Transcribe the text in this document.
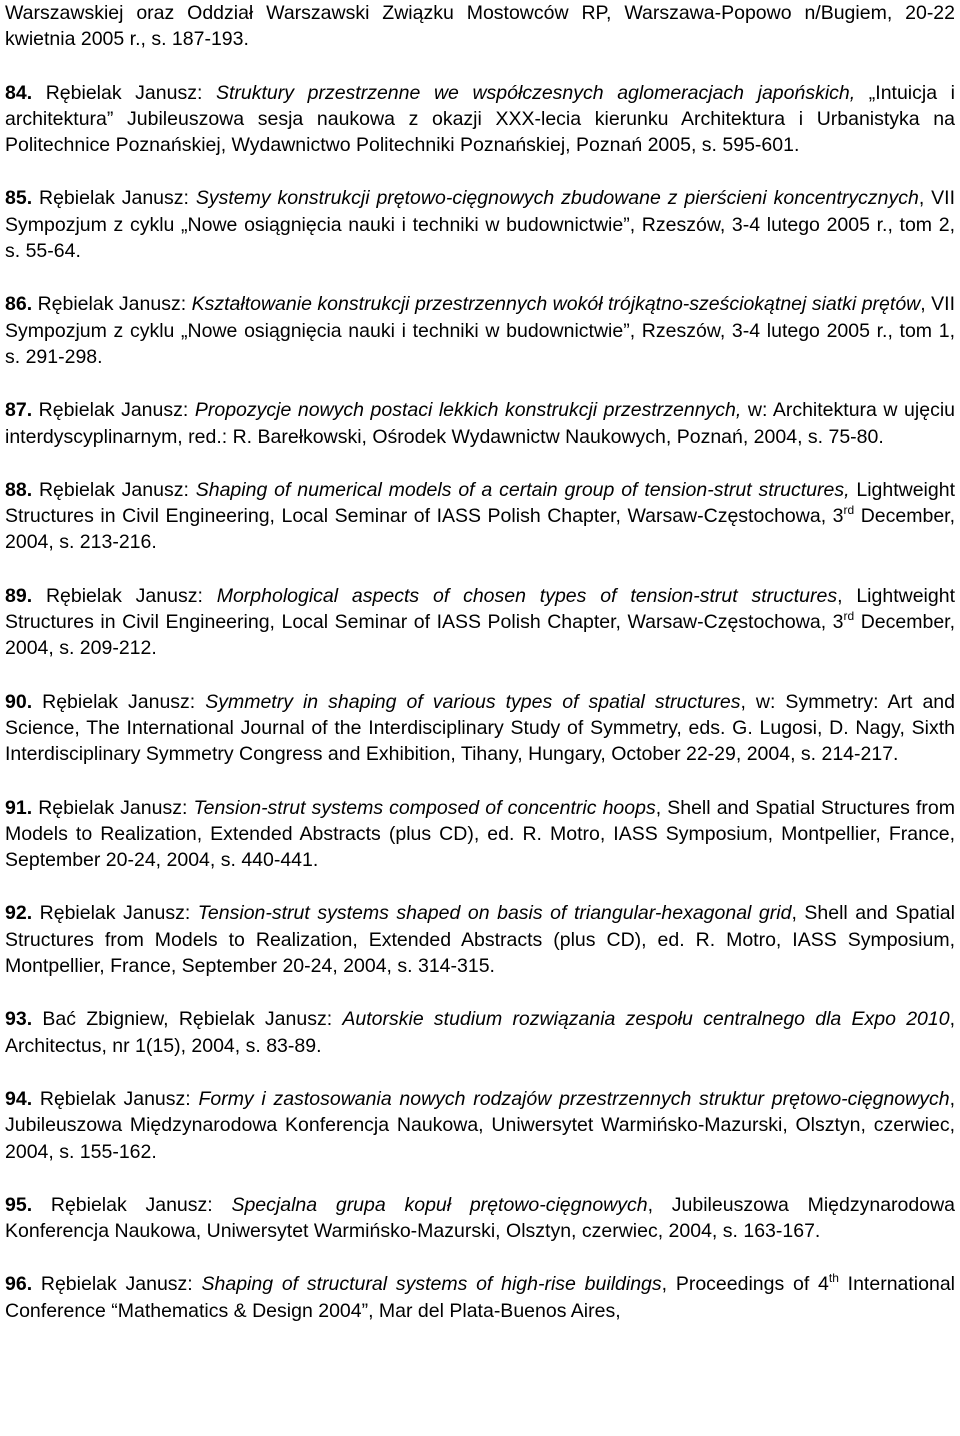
Warszawskiej oraz Oddział Warszawski Związku Mostowców RP, Warszawa-Popowo n/Bugiem, 20-22 kwietnia 2005 r., s. 187-193.

84. Rębielak Janusz: Struktury przestrzenne we współczesnych aglomeracjach japońskich, „Intuicja i architektura” Jubileuszowa sesja naukowa z okazji XXX-lecia kierunku Architektura i Urbanistyka na Politechnice Poznańskiej, Wydawnictwo Politechniki Poznańskiej, Poznań 2005, s. 595-601.

85. Rębielak Janusz: Systemy konstrukcji prętowo-cięgnowych zbudowane z pierścieni koncentrycznych, VII Sympozjum z cyklu „Nowe osiągnięcia nauki i techniki w budownictwie”, Rzeszów, 3-4 lutego 2005 r., tom 2, s. 55-64.

86. Rębielak Janusz: Kształtowanie konstrukcji przestrzennych wokół trójkątno-sześciokątnej siatki prętów, VII Sympozjum z cyklu „Nowe osiągnięcia nauki i techniki w budownictwie”, Rzeszów, 3-4 lutego 2005 r., tom 1, s. 291-298.

87. Rębielak Janusz: Propozycje nowych postaci lekkich konstrukcji przestrzennych, w: Architektura w ujęciu interdyscyplinarnym, red.: R. Barełkowski, Ośrodek Wydawnictw Naukowych, Poznań, 2004, s. 75-80.

88. Rębielak Janusz: Shaping of numerical models of a certain group of tension-strut structures, Lightweight Structures in Civil Engineering, Local Seminar of IASS Polish Chapter, Warsaw-Częstochowa, 3rd December, 2004, s. 213-216.

89. Rębielak Janusz: Morphological aspects of chosen types of tension-strut structures, Lightweight Structures in Civil Engineering, Local Seminar of IASS Polish Chapter, Warsaw-Częstochowa, 3rd December, 2004, s. 209-212.

90. Rębielak Janusz: Symmetry in shaping of various types of spatial structures, w: Symmetry: Art and Science, The International Journal of the Interdisciplinary Study of Symmetry, eds. G. Lugosi, D. Nagy, Sixth Interdisciplinary Symmetry Congress and Exhibition, Tihany, Hungary, October 22-29, 2004, s. 214-217.

91. Rębielak Janusz: Tension-strut systems composed of concentric hoops, Shell and Spatial Structures from Models to Realization, Extended Abstracts (plus CD), ed. R. Motro, IASS Symposium, Montpellier, France, September 20-24, 2004, s. 440-441.

92. Rębielak Janusz: Tension-strut systems shaped on basis of triangular-hexagonal grid, Shell and Spatial Structures from Models to Realization, Extended Abstracts (plus CD), ed. R. Motro, IASS Symposium, Montpellier, France, September 20-24, 2004, s. 314-315.

93. Bać Zbigniew, Rębielak Janusz: Autorskie studium rozwiązania zespołu centralnego dla Expo 2010, Architectus, nr 1(15), 2004, s. 83-89.

94. Rębielak Janusz: Formy i zastosowania nowych rodzajów przestrzennych struktur prętowo-cięgnowych, Jubileuszowa Międzynarodowa Konferencja Naukowa, Uniwersytet Warmińsko-Mazurski, Olsztyn, czerwiec, 2004, s. 155-162.

95. Rębielak Janusz: Specjalna grupa kopuł prętowo-cięgnowych, Jubileuszowa Międzynarodowa Konferencja Naukowa, Uniwersytet Warmińsko-Mazurski, Olsztyn, czerwiec, 2004, s. 163-167.

96. Rębielak Janusz: Shaping of structural systems of high-rise buildings, Proceedings of 4th International Conference “Mathematics & Design 2004”, Mar del Plata-Buenos Aires,
